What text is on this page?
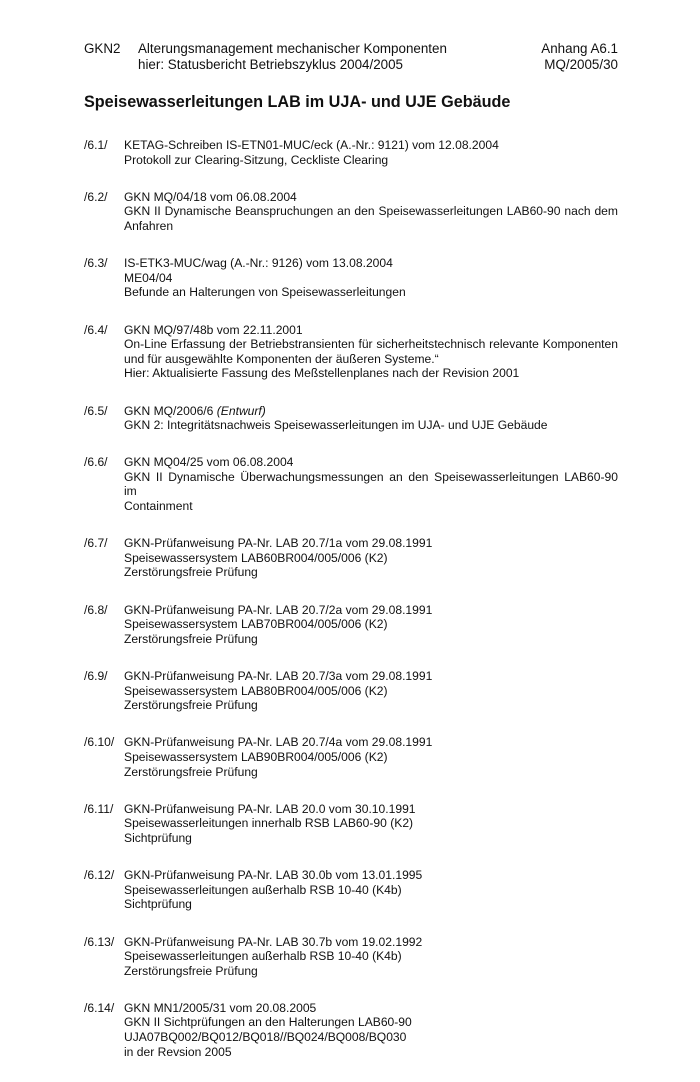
GKN2 Alterungsmanagement mechanischer Komponenten	Anhang A6.1
hier: Statusbericht Betriebszyklus 2004/2005	MQ/2005/30
Speisewasserleitungen LAB im UJA- und UJE Gebäude
/6.1/	KETAG-Schreiben IS-ETN01-MUC/eck (A.-Nr.: 9121) vom 12.08.2004
Protokoll zur Clearing-Sitzung, Ceckliste Clearing
/6.2/	GKN MQ/04/18 vom 06.08.2004
GKN II Dynamische Beanspruchungen an den Speisewasserleitungen LAB60-90 nach dem
Anfahren
/6.3/	IS-ETK3-MUC/wag (A.-Nr.: 9126) vom 13.08.2004
ME04/04
Befunde an Halterungen von Speisewasserleitungen
/6.4/	GKN MQ/97/48b vom 22.11.2001
On-Line Erfassung der Betriebstransienten für sicherheitstechnisch relevante Komponenten
und für ausgewählte Komponenten der äußeren Systeme.“
Hier: Aktualisierte Fassung des Meßstellenplanes nach der Revision 2001
/6.5/	GKN MQ/2006/6 (Entwurf)
GKN 2: Integritätsnachweis Speisewasserleitungen im UJA- und UJE Gebäude
/6.6/	GKN MQ04/25 vom 06.08.2004
GKN II Dynamische Überwachungsmessungen an den Speisewasserleitungen LAB60-90 im
Containment
/6.7/	GKN-Prüfanweisung PA-Nr. LAB 20.7/1a vom 29.08.1991
Speisewassersystem LAB60BR004/005/006 (K2)
Zerstörungsfreie Prüfung
/6.8/	GKN-Prüfanweisung PA-Nr. LAB 20.7/2a vom 29.08.1991
Speisewassersystem LAB70BR004/005/006 (K2)
Zerstörungsfreie Prüfung
/6.9/	GKN-Prüfanweisung PA-Nr. LAB 20.7/3a vom 29.08.1991
Speisewassersystem LAB80BR004/005/006 (K2)
Zerstörungsfreie Prüfung
/6.10/ GKN-Prüfanweisung PA-Nr. LAB 20.7/4a vom 29.08.1991
Speisewassersystem LAB90BR004/005/006 (K2)
Zerstörungsfreie Prüfung
/6.11/ GKN-Prüfanweisung PA-Nr. LAB 20.0 vom 30.10.1991
Speisewasserleitungen innerhalb RSB LAB60-90 (K2)
Sichtprüfung
/6.12/ GKN-Prüfanweisung PA-Nr. LAB 30.0b vom 13.01.1995
Speisewasserleitungen außerhalb RSB 10-40 (K4b)
Sichtprüfung
/6.13/ GKN-Prüfanweisung PA-Nr. LAB 30.7b vom 19.02.1992
Speisewasserleitungen außerhalb RSB 10-40 (K4b)
Zerstörungsfreie Prüfung
/6.14/ GKN MN1/2005/31 vom 20.08.2005
GKN II Sichtprüfungen an den Halterungen LAB60-90
UJA07BQ002/BQ012/BQ018//BQ024/BQ008/BQ030
in der Revsion 2005
